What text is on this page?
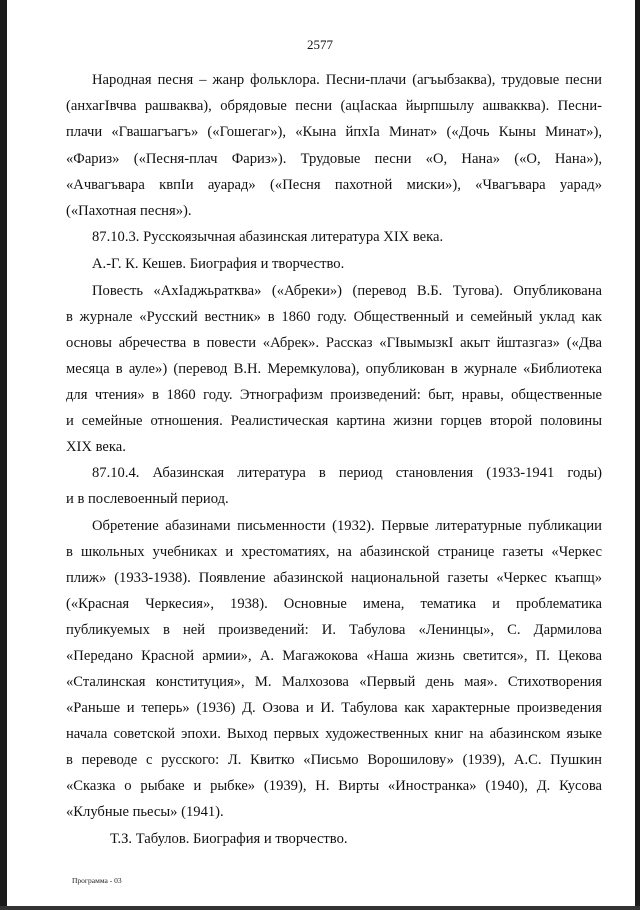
2577
Народная песня – жанр фольклора. Песни-плачи (агъыбзаква), трудовые песни
(анхагIвчва рашваква), обрядовые песни (ацIаскаа йырпшылу ашвакква). Песни-
плачи «Гвашагъагъ» («Гошегаг»), «Кына йпхIа Минат» («Дочь Кыны Минат»),
«Фариз» («Песня-плач Фариз»). Трудовые песни «О, Нана» («О, Нана»),
«Ачвагъвара квпIи ауарад» («Песня пахотной миски»), «Чвагъвара уарад»
(«Пахотная песня»).
87.10.3. Русскоязычная абазинская литература XIX века.
А.-Г. К. Кешев. Биография и творчество.
Повесть «АхIаджьратква» («Абреки») (перевод В.Б. Тугова). Опубликована
в журнале «Русский вестник» в 1860 году. Общественный и семейный уклад как
основы абречества в повести «Абрек». Рассказ «ГIвымызкI акыт йштазгаз» («Два
месяца в ауле») (перевод В.Н. Меремкулова), опубликован в журнале «Библиотека
для чтения» в 1860 году. Этнографизм произведений: быт, нравы, общественные
и семейные отношения. Реалистическая картина жизни горцев второй половины
XIX века.
87.10.4. Абазинская литература в период становления (1933-1941 годы)
и в послевоенный период.
Обретение абазинами письменности (1932). Первые литературные публикации
в школьных учебниках и хрестоматиях, на абазинской странице газеты «Черкес
плиж» (1933-1938). Появление абазинской национальной газеты «Черкес къапщ»
(«Красная Черкесия», 1938). Основные имена, тематика и проблематика
публикуемых в ней произведений: И. Табулова «Ленинцы», С. Дармилова
«Передано Красной армии», А. Магажокова «Наша жизнь светится», П. Цекова
«Сталинская конституция», М. Малхозова «Первый день мая». Стихотворения
«Раньше и теперь» (1936) Д. Озова и И. Табулова как характерные произведения
начала советской эпохи. Выход первых художественных книг на абазинском языке
в переводе с русского: Л. Квитко «Письмо Ворошилову» (1939), А.С. Пушкин
«Сказка о рыбаке и рыбке» (1939), Н. Вирты «Иностранка» (1940), Д. Кусова
«Клубные пьесы» (1941).
Т.З. Табулов. Биография и творчество.
Программа - 03
